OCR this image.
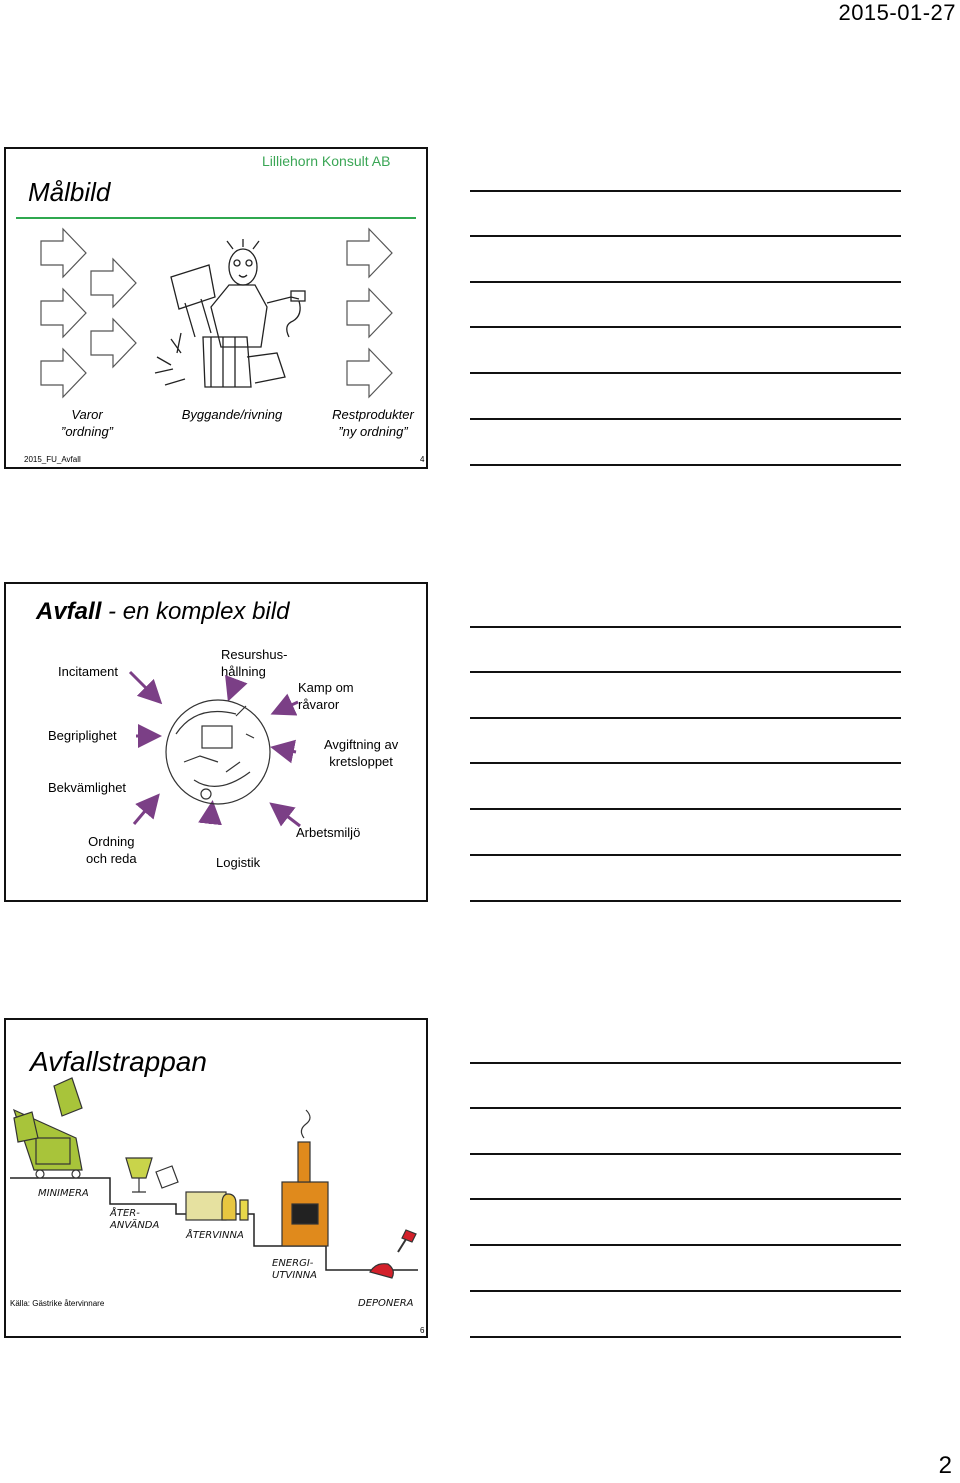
2015-01-27
Målbild
Lilliehorn Konsult AB
Varor
”ordning”
Byggande/rivning	Restprodukter
”ny ordning”
2015_FU_Avfall	4
Avfall - en komplex bild
Incitament
Resurshus-
hållning
Kamp om
råvaror
Begriplighet
Bekvämlighet
Avgiftning av
kretsloppet
Ordning
och reda	Logistik
Arbetsmiljö
Avfallstrappan
MINIMERA
ÅTER-
ANVÄNDA
ÅTERVINNA
ENERGI-
UTVINNA
DEPONERA
Källa: Gästrike återvinnare
6
2
